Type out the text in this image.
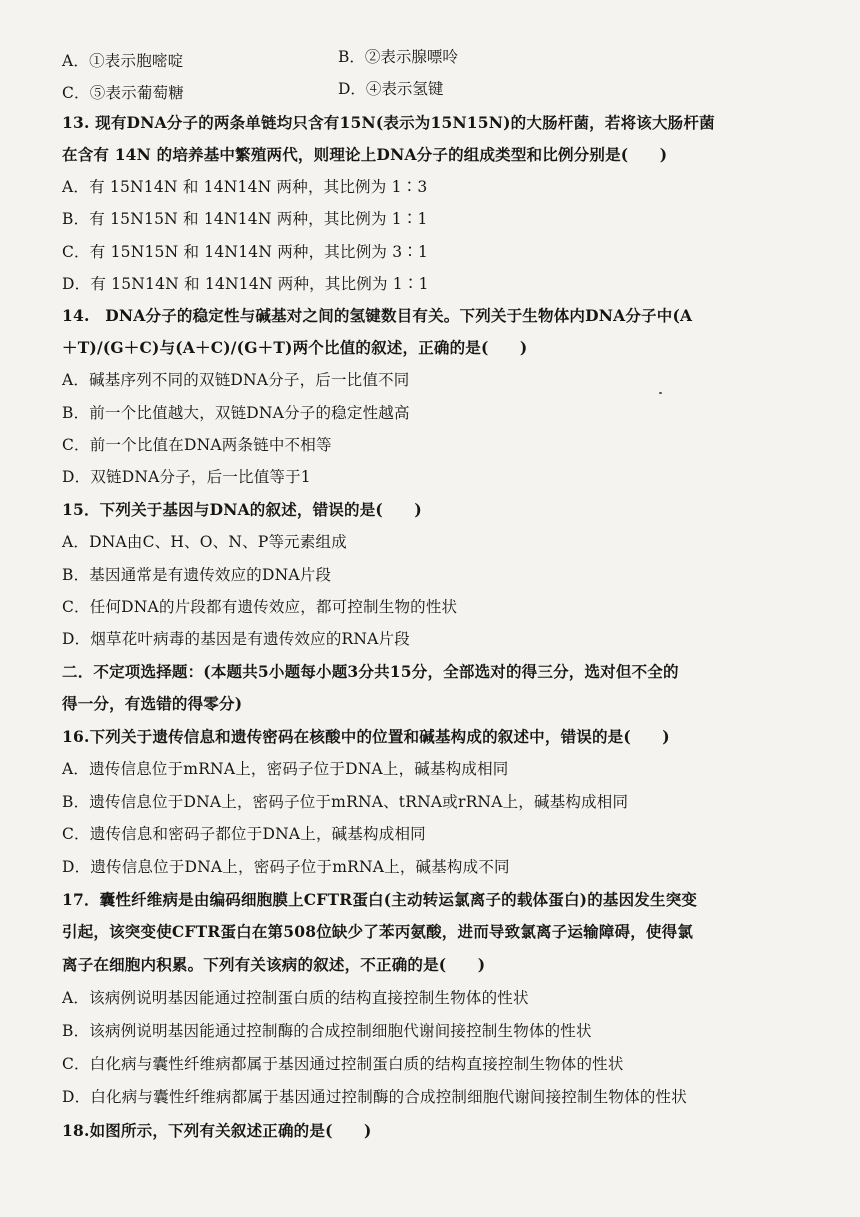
A．①表示胞嘧啶	B．②表示腺嘌呤
C．⑤表示葡萄糖	D．④表示氢键
13. 现有DNA分子的两条单链均只含有15N(表示为15N15N)的大肠杆菌，若将该大肠杆菌
在含有 14N 的培养基中繁殖两代，则理论上DNA分子的组成类型和比例分别是(　　)
A．有 15N14N 和 14N14N 两种，其比例为 1∶3
B．有 15N15N 和 14N14N 两种，其比例为 1∶1
C．有 15N15N 和 14N14N 两种，其比例为 3∶1
D．有 15N14N 和 14N14N 两种，其比例为 1∶1
14.　DNA分子的稳定性与碱基对之间的氢键数目有关。下列关于生物体内DNA分子中(A
＋T)/(G＋C)与(A＋C)/(G＋T)两个比值的叙述，正确的是(　　)
A．碱基序列不同的双链DNA分子，后一比值不同
B．前一个比值越大，双链DNA分子的稳定性越高
C．前一个比值在DNA两条链中不相等
D．双链DNA分子，后一比值等于1
15．下列关于基因与DNA的叙述，错误的是(　　)
A．DNA由C、H、O、N、P等元素组成
B．基因通常是有遗传效应的DNA片段
C．任何DNA的片段都有遗传效应，都可控制生物的性状
D．烟草花叶病毒的基因是有遗传效应的RNA片段
二．不定项选择题：(本题共5小题每小题3分共15分，全部选对的得三分，选对但不全的
得一分，有选错的得零分)
16.下列关于遗传信息和遗传密码在核酸中的位置和碱基构成的叙述中，错误的是(　　)
A．遗传信息位于mRNA上，密码子位于DNA上，碱基构成相同
B．遗传信息位于DNA上，密码子位于mRNA、tRNA或rRNA上，碱基构成相同
C．遗传信息和密码子都位于DNA上，碱基构成相同
D．遗传信息位于DNA上，密码子位于mRNA上，碱基构成不同
17．囊性纤维病是由编码细胞膜上CFTR蛋白(主动转运氯离子的载体蛋白)的基因发生突变
引起，该突变使CFTR蛋白在第508位缺少了苯丙氨酸，进而导致氯离子运输障碍，使得氯
离子在细胞内积累。下列有关该病的叙述，不正确的是(　　)
A．该病例说明基因能通过控制蛋白质的结构直接控制生物体的性状
B．该病例说明基因能通过控制酶的合成控制细胞代谢间接控制生物体的性状
C．白化病与囊性纤维病都属于基因通过控制蛋白质的结构直接控制生物体的性状
D．白化病与囊性纤维病都属于基因通过控制酶的合成控制细胞代谢间接控制生物体的性状
18.如图所示，下列有关叙述正确的是(　　)
